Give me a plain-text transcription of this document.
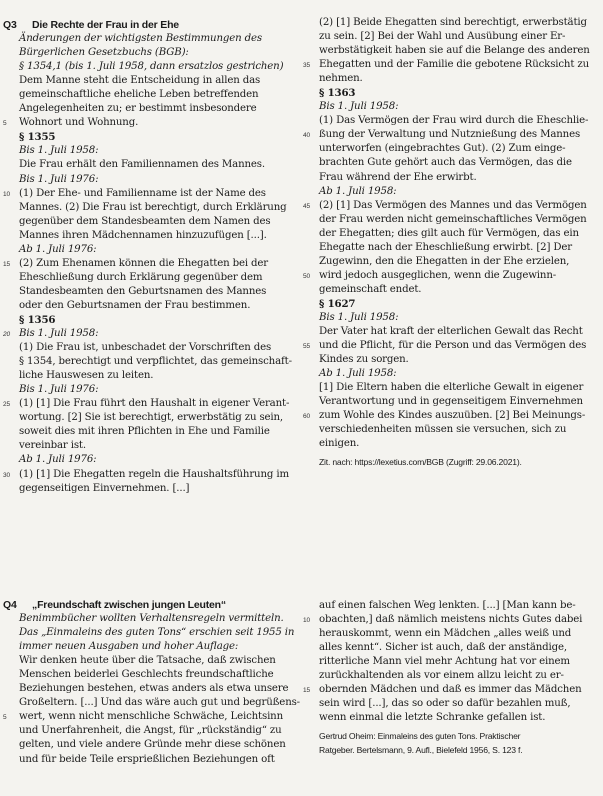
Q3 Die Rechte der Frau in der Ehe
Änderungen der wichtigsten Bestimmungen des
Bürgerlichen Gesetzbuchs (BGB):
§ 1354,1 (bis 1. Juli 1958, dann ersatzlos gestrichen)
Dem Manne steht die Entscheidung in allen das
gemeinschaftliche eheliche Leben betreffenden
Angelegenheiten zu; er bestimmt insbesondere
5 Wohnort und Wohnung.
§ 1355
Bis 1. Juli 1958:
Die Frau erhält den Familiennamen des Mannes.
Bis 1. Juli 1976:
10 (1) Der Ehe- und Familienname ist der Name des
Mannes. (2) Die Frau ist berechtigt, durch Erklärung
gegenüber dem Standesbeamten dem Namen des
Mannes ihren Mädchennamen hinzuzufügen [...].
Ab 1. Juli 1976:
15 (2) Zum Ehenamen können die Ehegatten bei der
Eheschließung durch Erklärung gegenüber dem
Standesbeamten den Geburtsnamen des Mannes
oder den Geburtsnamen der Frau bestimmen.
§ 1356
20 Bis 1. Juli 1958:
(1) Die Frau ist, unbeschadet der Vorschriften des
§ 1354, berechtigt und verpflichtet, das gemeinschaft-
liche Hauswesen zu leiten.
Bis 1. Juli 1976:
25 (1) [1] Die Frau führt den Haushalt in eigener Verant-
wortung. [2] Sie ist berechtigt, erwerbstätig zu sein,
soweit dies mit ihren Pflichten in Ehe und Familie
vereinbar ist.
Ab 1. Juli 1976:
30 (1) [1] Die Ehegatten regeln die Haushaltsführung im
gegenseitigen Einvernehmen. [...]
(2) [1] Beide Ehegatten sind berechtigt, erwerbstätig
zu sein. [2] Bei der Wahl und Ausübung einer Er-
werbstätigkeit haben sie auf die Belange des anderen
35 Ehegatten und der Familie die gebotene Rücksicht zu
nehmen.
§ 1363
Bis 1. Juli 1958:
(1) Das Vermögen der Frau wird durch die Eheschlie-
40 ßung der Verwaltung und Nutznießung des Mannes
unterworfen (eingebrachtes Gut). (2) Zum einge-
brachten Gute gehört auch das Vermögen, das die
Frau während der Ehe erwirbt.
Ab 1. Juli 1958:
45 (2) [1] Das Vermögen des Mannes und das Vermögen
der Frau werden nicht gemeinschaftliches Vermögen
der Ehegatten; dies gilt auch für Vermögen, das ein
Ehegatte nach der Eheschließung erwirbt. [2] Der
Zugewinn, den die Ehegatten in der Ehe erzielen,
50 wird jedoch ausgeglichen, wenn die Zugewinn-
gemeinschaft endet.
§ 1627
Bis 1. Juli 1958:
Der Vater hat kraft der elterlichen Gewalt das Recht
55 und die Pflicht, für die Person und das Vermögen des
Kindes zu sorgen.
Ab 1. Juli 1958:
[1] Die Eltern haben die elterliche Gewalt in eigener
Verantwortung und in gegenseitigem Einvernehmen
60 zum Wohle des Kindes auszuüben. [2] Bei Meinungs-
verschiedenheiten müssen sie versuchen, sich zu
einigen.
Zit. nach: https://lexetius.com/BGB (Zugriff: 29.06.2021).
Q4 „Freundschaft zwischen jungen Leuten“
Benimmbücher wollten Verhaltensregeln vermitteln.
Das „Einmaleins des guten Tons“ erschien seit 1955 in
immer neuen Ausgaben und hoher Auflage:
Wir denken heute über die Tatsache, daß zwischen
Menschen beiderlei Geschlechts freundschaftliche
Beziehungen bestehen, etwas anders als etwa unsere
Großeltern. [...] Und das wäre auch gut und begrüßens-
5 wert, wenn nicht menschliche Schwäche, Leichtsinn
und Unerfahrenheit, die Angst, für „rückständig“ zu
gelten, und viele andere Gründe mehr diese schönen
und für beide Teile ersprießlichen Beziehungen oft
auf einen falschen Weg lenkten. [...] [Man kann be-
10 obachten,] daß nämlich meistens nichts Gutes dabei
herauskommt, wenn ein Mädchen „alles weiß und
alles kennt“. Sicher ist auch, daß der anständige,
ritterliche Mann viel mehr Achtung hat vor einem
zurückhaltenden als vor einem allzu leicht zu er-
15 obernden Mädchen und daß es immer das Mädchen
sein wird [...], das so oder so dafür bezahlen muß,
wenn einmal die letzte Schranke gefallen ist.
Gertrud Oheim: Einmaleins des guten Tons. Praktischer
Ratgeber. Bertelsmann, 9. Aufl., Bielefeld 1956, S. 123 f.
